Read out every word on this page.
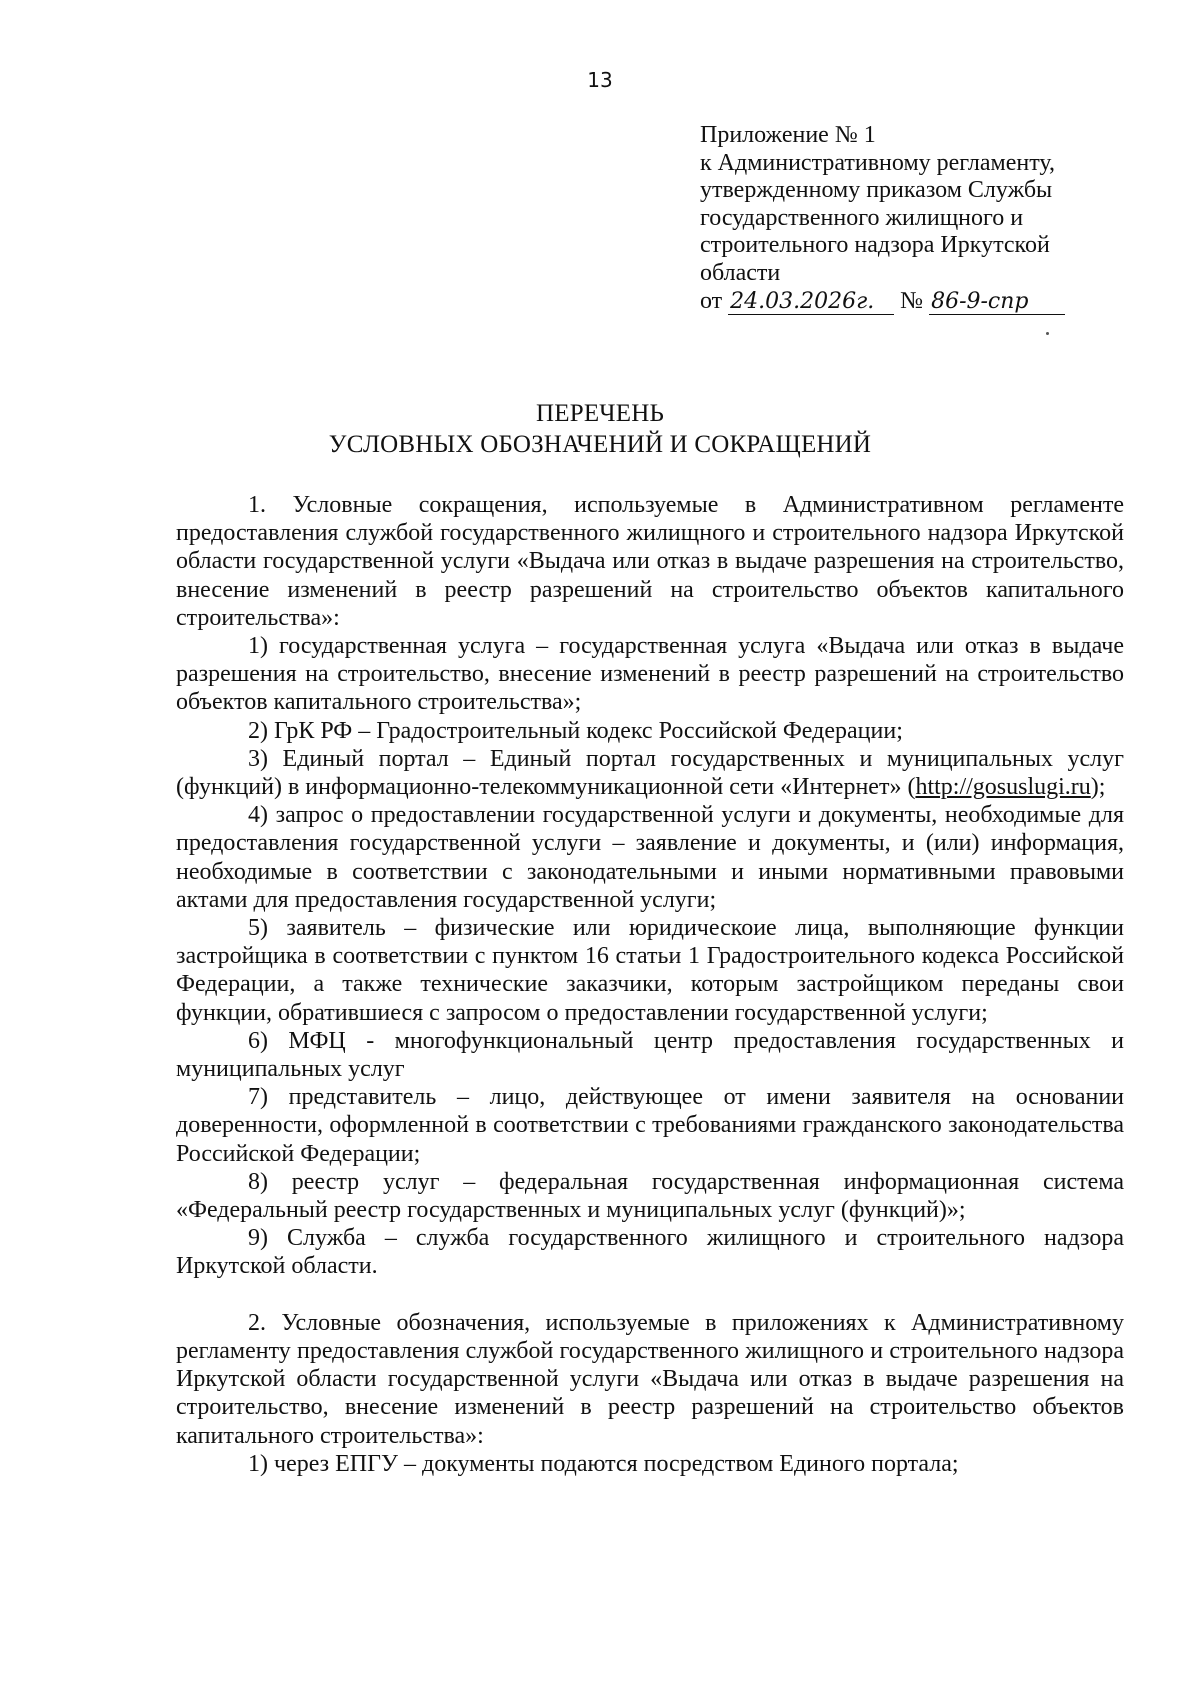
13
Приложение № 1
к Административному регламенту,
утвержденному приказом Службы
государственного жилищного и
строительного надзора Иркутской
области
от 24.03.2026г. № 86-9-спр
ПЕРЕЧЕНЬ
УСЛОВНЫХ ОБОЗНАЧЕНИЙ И СОКРАЩЕНИЙ

1. Условные сокращения, используемые в Административном регламенте предоставления службой государственного жилищного и строительного надзора Иркутской области государственной услуги «Выдача или отказ в выдаче разрешения на строительство, внесение изменений в реестр разрешений на строительство объектов капитального строительства»:

1) государственная услуга – государственная услуга «Выдача или отказ в выдаче разрешения на строительство, внесение изменений в реестр разрешений на строительство объектов капитального строительства»;

2) ГрК РФ – Градостроительный кодекс Российской Федерации;

3) Единый портал – Единый портал государственных и муниципальных услуг (функций) в информационно-телекоммуникационной сети «Интернет» (http://gosuslugi.ru);

4) запрос о предоставлении государственной услуги и документы, необходимые для предоставления государственной услуги – заявление и документы, и (или) информация, необходимые в соответствии с законодательными и иными нормативными правовыми актами для предоставления государственной услуги;

5) заявитель – физические или юридическоие лица, выполняющие функции застройщика в соответствии с пунктом 16 статьи 1 Градостроительного кодекса Российской Федерации, а также технические заказчики, которым застройщиком переданы свои функции, обратившиеся с запросом о предоставлении государственной услуги;

6) МФЦ - многофункциональный центр предоставления государственных и муниципальных услуг

7) представитель – лицо, действующее от имени заявителя на основании доверенности, оформленной в соответствии с требованиями гражданского законодательства Российской Федерации;

8) реестр услуг – федеральная государственная информационная система «Федеральный реестр государственных и муниципальных услуг (функций)»;

9) Служба – служба государственного жилищного и строительного надзора Иркутской области.

2. Условные обозначения, используемые в приложениях к Административному регламенту предоставления службой государственного жилищного и строительного надзора Иркутской области государственной услуги «Выдача или отказ в выдаче разрешения на строительство, внесение изменений в реестр разрешений на строительство объектов капитального строительства»:

1) через ЕПГУ – документы подаются посредством Единого портала;
